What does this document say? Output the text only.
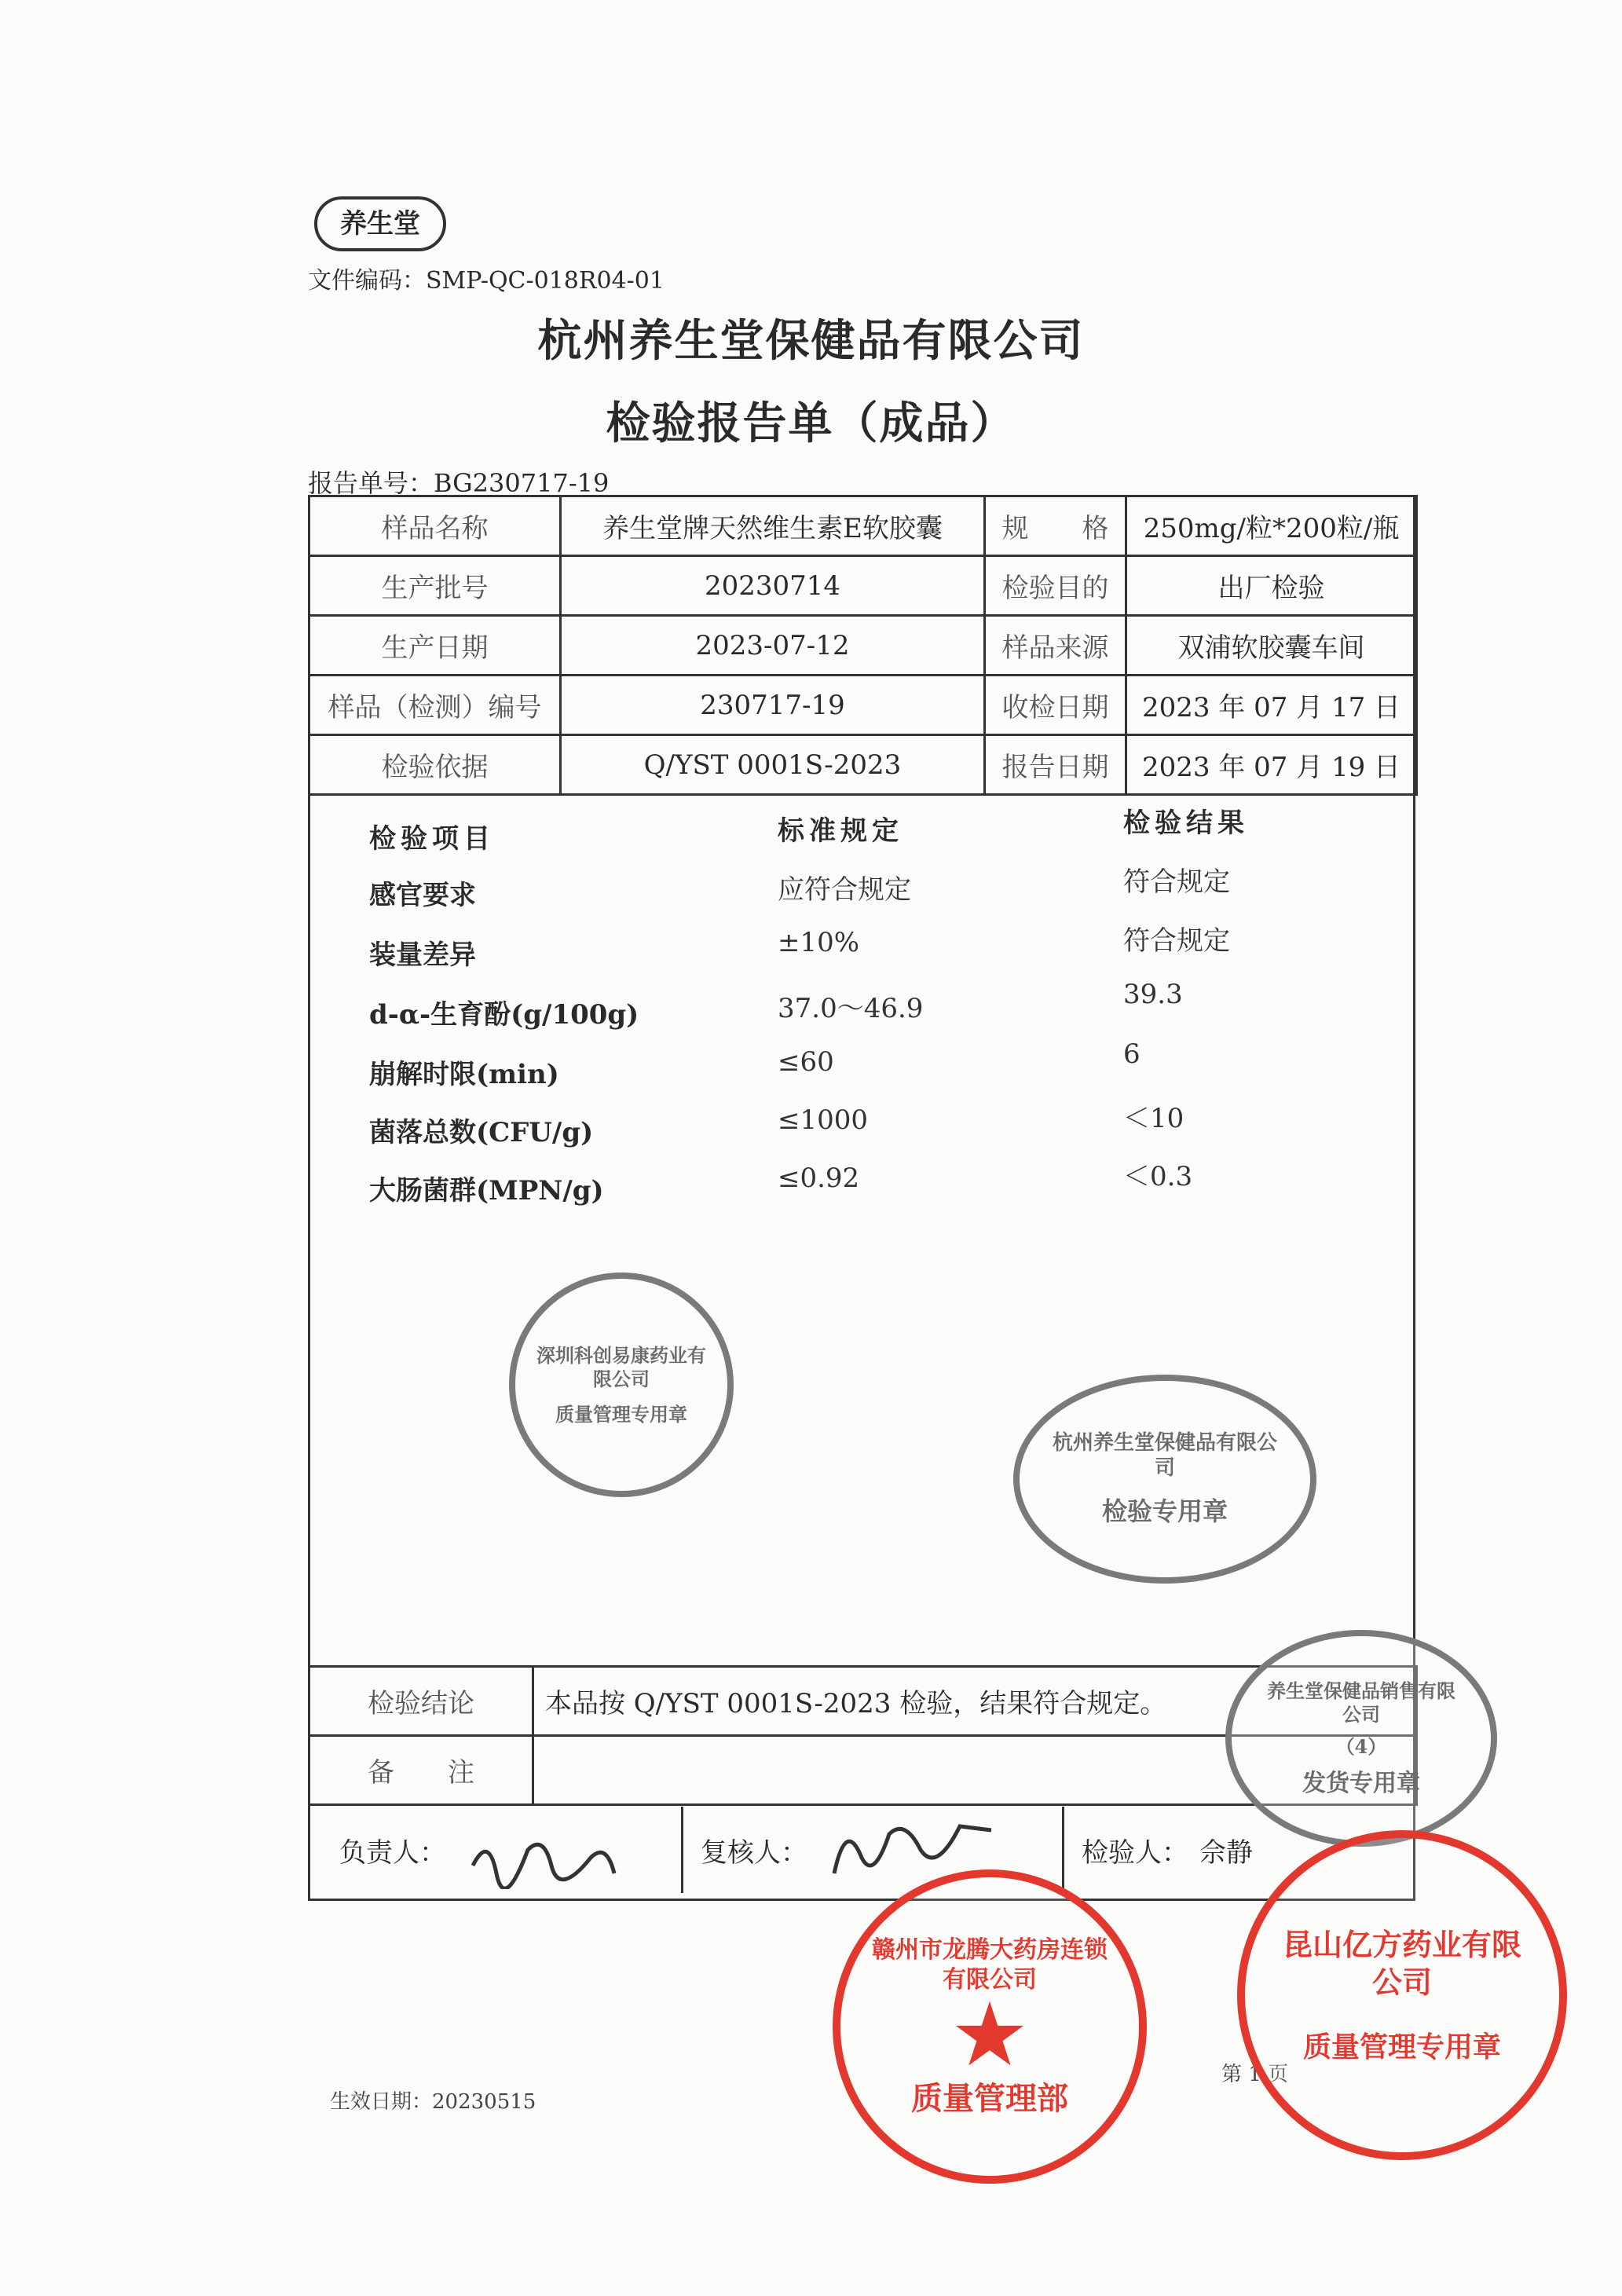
养生堂
文件编码：SMP-QC-018R04-01
杭州养生堂保健品有限公司
检验报告单（成品）
报告单号：BG230717-19
样品名称	养生堂牌天然维生素E软胶囊	规　　格	250mg/粒*200粒/瓶
生产批号	20230714	检验目的	出厂检验
生产日期	2023-07-12	样品来源	双浦软胶囊车间
样品（检测）编号	230717-19	收检日期	2023 年 07 月 17 日
检验依据	Q/YST 0001S-2023	报告日期	2023 年 07 月 19 日
检验项目	标准规定	检验结果
感官要求	应符合规定	符合规定
装量差异	±10%	符合规定
d-α-生育酚(g/100g)	37.0～46.9	39.3
崩解时限(min)	≤60	6
菌落总数(CFU/g)	≤1000	＜10
大肠菌群(MPN/g)	≤0.92	＜0.3
深圳科创易康药业有限公司
质量管理专用章
杭州养生堂保健品有限公司
检验专用章
检验结论	本品按 Q/YST 0001S-2023 检验，结果符合规定。
备　　注	
负责人：	复核人：	检验人： 佘静
养生堂保健品销售有限公司
（4）
发货专用章
生效日期：20230515
第 1 页
赣州市龙腾大药房连锁有限公司
★
质量管理部
昆山亿方药业有限公司
质量管理专用章
